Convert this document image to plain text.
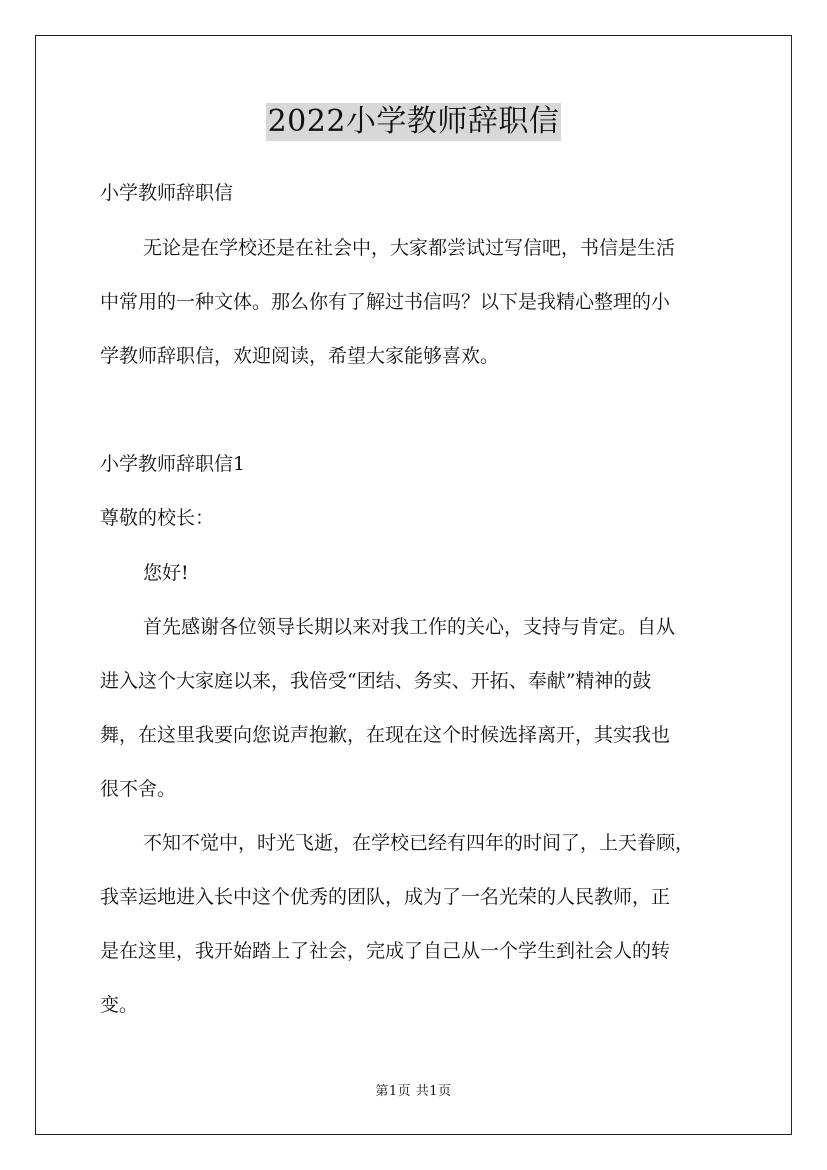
2022小学教师辞职信
小学教师辞职信
无论是在学校还是在社会中，大家都尝试过写信吧，书信是生活
中常用的一种文体。那么你有了解过书信吗？以下是我精心整理的小
学教师辞职信，欢迎阅读，希望大家能够喜欢。
小学教师辞职信1
尊敬的校长：
您好!
首先感谢各位领导长期以来对我工作的关心，支持与肯定。自从
进入这个大家庭以来，我倍受“团结、务实、开拓、奉献”精神的鼓
舞，在这里我要向您说声抱歉，在现在这个时候选择离开，其实我也
很不舍。
不知不觉中，时光飞逝，在学校已经有四年的时间了，上天眷顾，
我幸运地进入长中这个优秀的团队，成为了一名光荣的人民教师，正
是在这里，我开始踏上了社会，完成了自己从一个学生到社会人的转
变。
第1页 共1页
